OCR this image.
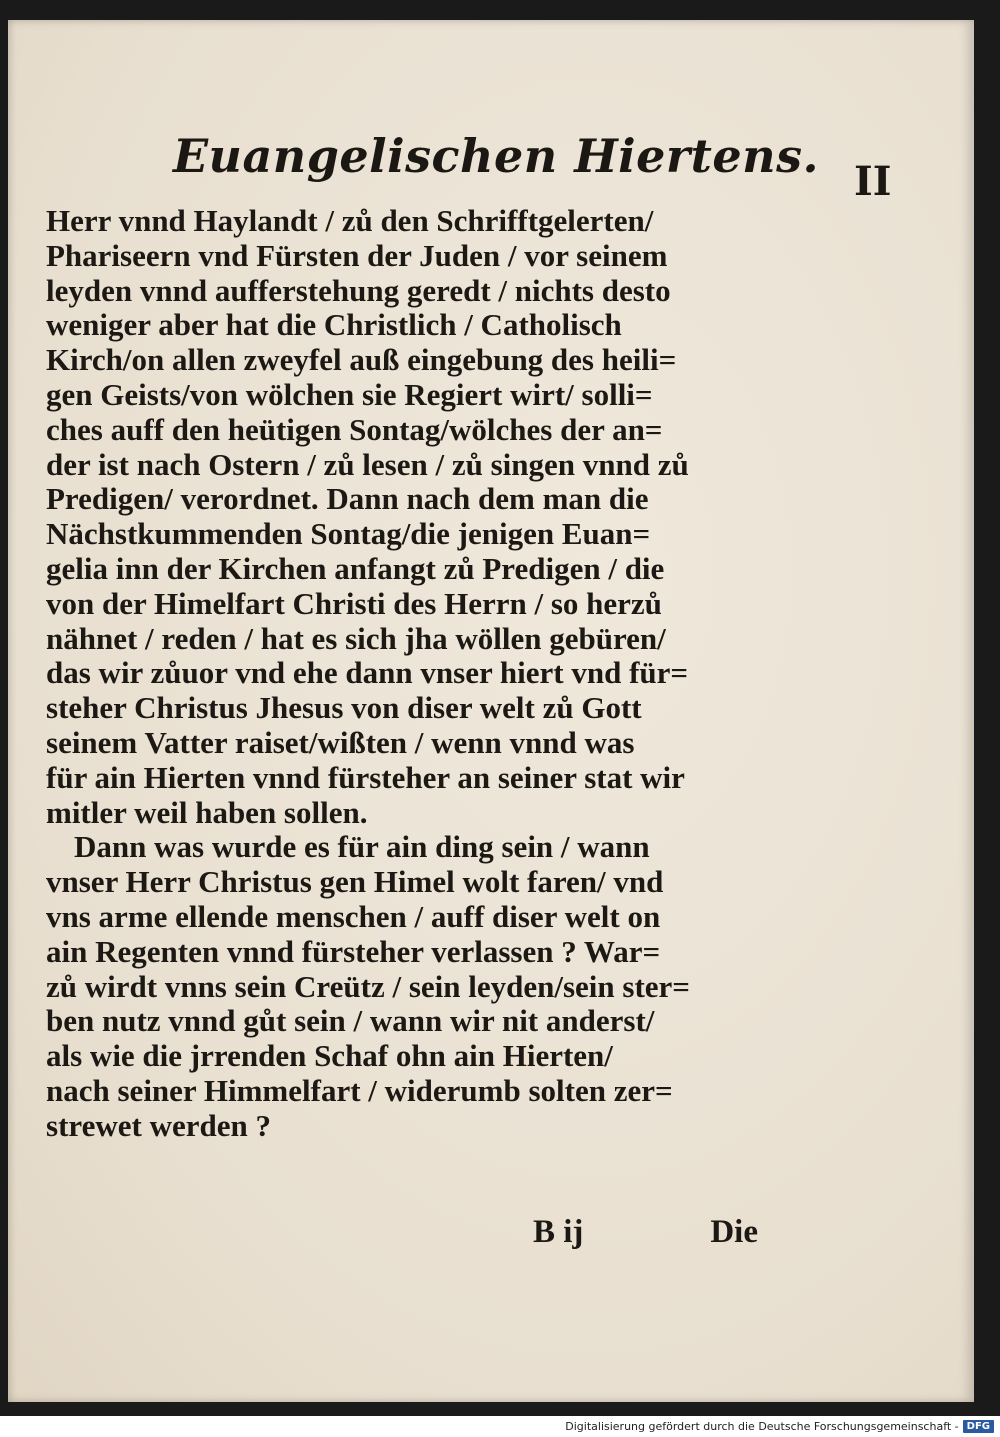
Euangelischen Hiertens. II
Herr vnnd Haylandt / zů den Schrifftgelerten/
Phariseern vnd Fürsten der Juden / vor seinem
leyden vnnd aufferstehung geredt / nichts desto
weniger aber hat die Christlich / Catholisch
Kirch/on allen zweyfel auß eingebung des heili=
gen Geists/von wölchen sie Regiert wirt/ solli=
ches auff den heütigen Sontag/wölches der an=
der ist nach Ostern / zů lesen / zů singen vnnd zů
Predigen/ verordnet. Dann nach dem man die
Nächstkummenden Sontag/die jenigen Euan=
gelia inn der Kirchen anfangt zů Predigen / die
von der Himelfart Christi des Herrn / so herzů
nähnet / reden / hat es sich jha wöllen gebüren/
das wir zůuor vnd ehe dann vnser hiert vnd für=
steher Christus Jhesus von diser welt zů Gott
seinem Vatter raiset/wißten / wenn vnnd was
für ain Hierten vnnd fürsteher an seiner stat wir
mitler weil haben sollen.
Dann was wurde es für ain ding sein / wann
vnser Herr Christus gen Himel wolt faren/ vnd
vns arme ellende menschen / auff diser welt on
ain Regenten vnnd fürsteher verlassen ? War=
zů wirdt vnns sein Creütz / sein leyden/sein ster=
ben nutz vnnd gůt sein / wann wir nit anderst/
als wie die jrrenden Schaf ohn ain Hierten/
nach seiner Himmelfart / widerumb solten zer=
strewet werden ?
B ij	Die
Digitalisierung gefördert durch die Deutsche Forschungsgemeinschaft - DFG
